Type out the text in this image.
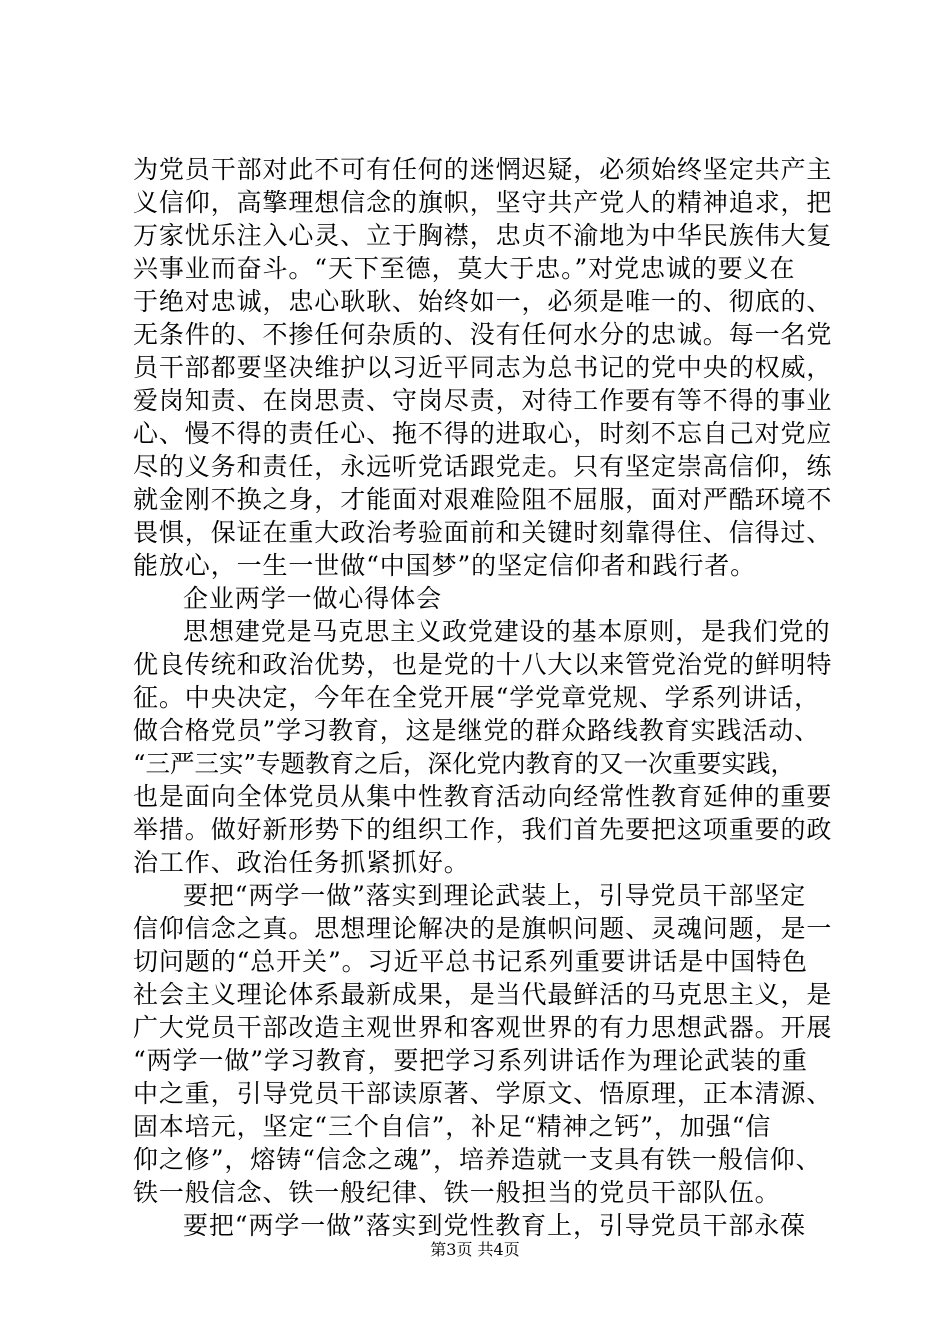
为党员干部对此不可有任何的迷惘迟疑，必须始终坚定共产主
义信仰，高擎理想信念的旗帜，坚守共产党人的精神追求，把
万家忧乐注入心灵、立于胸襟，忠贞不渝地为中华民族伟大复
兴事业而奋斗。“天下至德，莫大于忠。”对党忠诚的要义在
于绝对忠诚，忠心耿耿、始终如一，必须是唯一的、彻底的、
无条件的、不掺任何杂质的、没有任何水分的忠诚。每一名党
员干部都要坚决维护以习近平同志为总书记的党中央的权威，
爱岗知责、在岗思责、守岗尽责，对待工作要有等不得的事业
心、慢不得的责任心、拖不得的进取心，时刻不忘自己对党应
尽的义务和责任，永远听党话跟党走。只有坚定崇高信仰，练
就金刚不换之身，才能面对艰难险阻不屈服，面对严酷环境不
畏惧，保证在重大政治考验面前和关键时刻靠得住、信得过、
能放心，一生一世做“中国梦”的坚定信仰者和践行者。
企业两学一做心得体会
思想建党是马克思主义政党建设的基本原则，是我们党的
优良传统和政治优势，也是党的十八大以来管党治党的鲜明特
征。中央决定，今年在全党开展“学党章党规、学系列讲话，
做合格党员”学习教育，这是继党的群众路线教育实践活动、
“三严三实”专题教育之后，深化党内教育的又一次重要实践，
也是面向全体党员从集中性教育活动向经常性教育延伸的重要
举措。做好新形势下的组织工作，我们首先要把这项重要的政
治工作、政治任务抓紧抓好。
要把“两学一做”落实到理论武装上，引导党员干部坚定
信仰信念之真。思想理论解决的是旗帜问题、灵魂问题，是一
切问题的“总开关”。习近平总书记系列重要讲话是中国特色
社会主义理论体系最新成果，是当代最鲜活的马克思主义，是
广大党员干部改造主观世界和客观世界的有力思想武器。开展
“两学一做”学习教育，要把学习系列讲话作为理论武装的重
中之重，引导党员干部读原著、学原文、悟原理，正本清源、
固本培元，坚定“三个自信”，补足“精神之钙”，加强“信
仰之修”，熔铸“信念之魂”，培养造就一支具有铁一般信仰、
铁一般信念、铁一般纪律、铁一般担当的党员干部队伍。
要把“两学一做”落实到党性教育上，引导党员干部永葆
第3页 共4页
